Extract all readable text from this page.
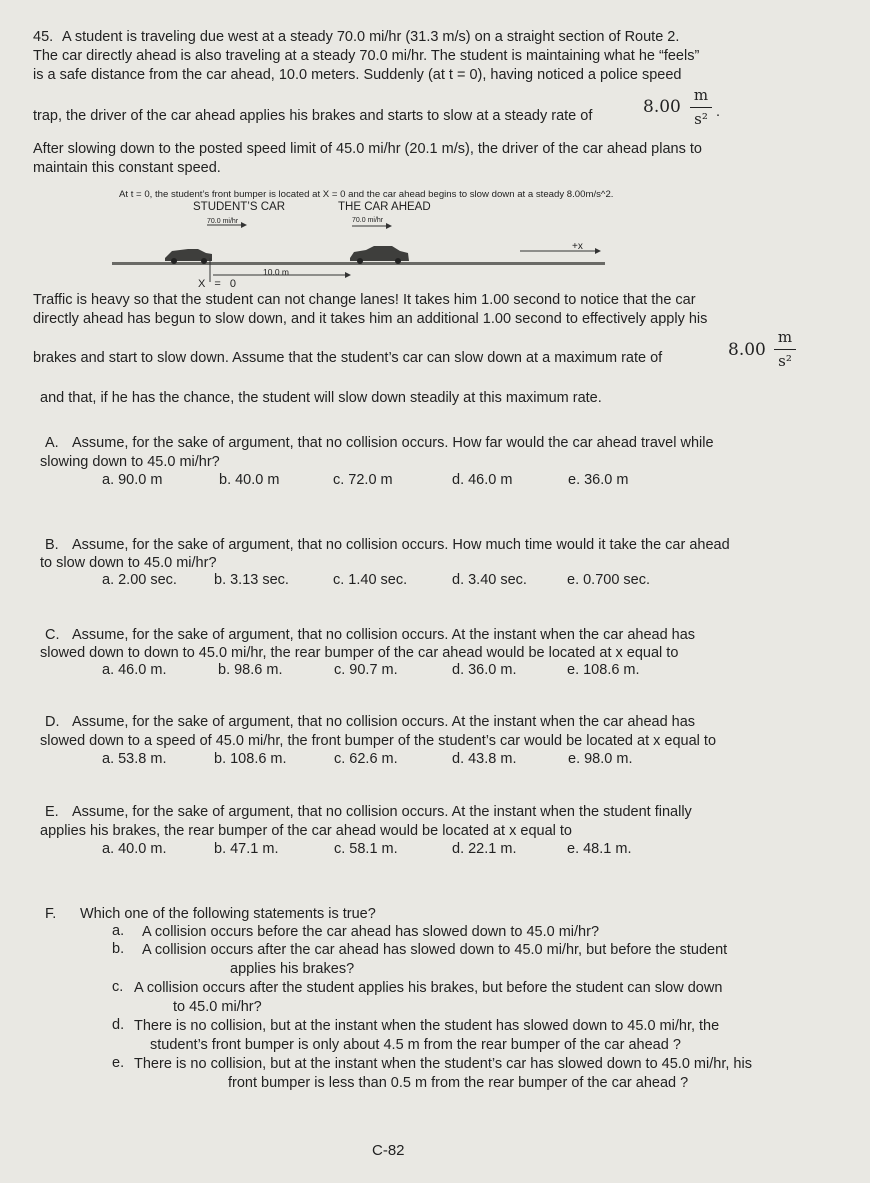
45. A student is traveling due west at a steady 70.0 mi/hr (31.3 m/s) on a straight section of Route 2.
The car directly ahead is also traveling at a steady 70.0 mi/hr. The student is maintaining what he “feels”
is a safe distance from the car ahead, 10.0 meters. Suddenly (at t = 0), having noticed a police speed
trap, the driver of the car ahead applies his brakes and starts to slow at a steady rate of	8.00
m
s² .
After slowing down to the posted speed limit of 45.0 mi/hr (20.1 m/s), the driver of the car ahead plans to
maintain this constant speed.
At t = 0, the student’s front bumper is located at X = 0 and the car ahead begins to slow down at a steady 8.00m/s^2.
STUDENT’S CAR	THE CAR AHEAD
70.0 mi/hr	70.0 mi/hr
+x
10.0 m
X = 0
Traffic is heavy so that the student can not change lanes! It takes him 1.00 second to notice that the car
directly ahead has begun to slow down, and it takes him an additional 1.00 second to effectively apply his
brakes and start to slow down. Assume that the student’s car can slow down at a maximum rate of	8.00
m
s²
and that, if he has the chance, the student will slow down steadily at this maximum rate.
A. Assume, for the sake of argument, that no collision occurs. How far would the car ahead travel while
slowing down to 45.0 mi/hr?
a. 90.0 m	b. 40.0 m	c. 72.0 m	d. 46.0 m	e. 36.0 m
B. Assume, for the sake of argument, that no collision occurs. How much time would it take the car ahead
to slow down to 45.0 mi/hr?
a. 2.00 sec.	b. 3.13 sec.	c. 1.40 sec.	d. 3.40 sec.	e. 0.700 sec.
C. Assume, for the sake of argument, that no collision occurs. At the instant when the car ahead has
slowed down to down to 45.0 mi/hr, the rear bumper of the car ahead would be located at x equal to
a. 46.0 m.	b. 98.6 m.	c. 90.7 m.	d. 36.0 m.	e. 108.6 m.
D. Assume, for the sake of argument, that no collision occurs. At the instant when the car ahead has
slowed down to a speed of 45.0 mi/hr, the front bumper of the student’s car would be located at x equal to
a. 53.8 m.	b. 108.6 m.	c. 62.6 m.	d. 43.8 m.	e. 98.0 m.
E. Assume, for the sake of argument, that no collision occurs. At the instant when the student finally
applies his brakes, the rear bumper of the car ahead would be located at x equal to
a. 40.0 m.	b. 47.1 m.	c. 58.1 m.	d. 22.1 m.	e. 48.1 m.
F. Which one of the following statements is true?
a. A collision occurs before the car ahead has slowed down to 45.0 mi/hr?
b. A collision occurs after the car ahead has slowed down to 45.0 mi/hr, but before the student
applies his brakes?
c. A collision occurs after the student applies his brakes, but before the student can slow down
to 45.0 mi/hr?
d. There is no collision, but at the instant when the student has slowed down to 45.0 mi/hr, the
student’s front bumper is only about 4.5 m from the rear bumper of the car ahead ?
e. There is no collision, but at the instant when the student’s car has slowed down to 45.0 mi/hr, his
front bumper is less than 0.5 m from the rear bumper of the car ahead ?
C-82
